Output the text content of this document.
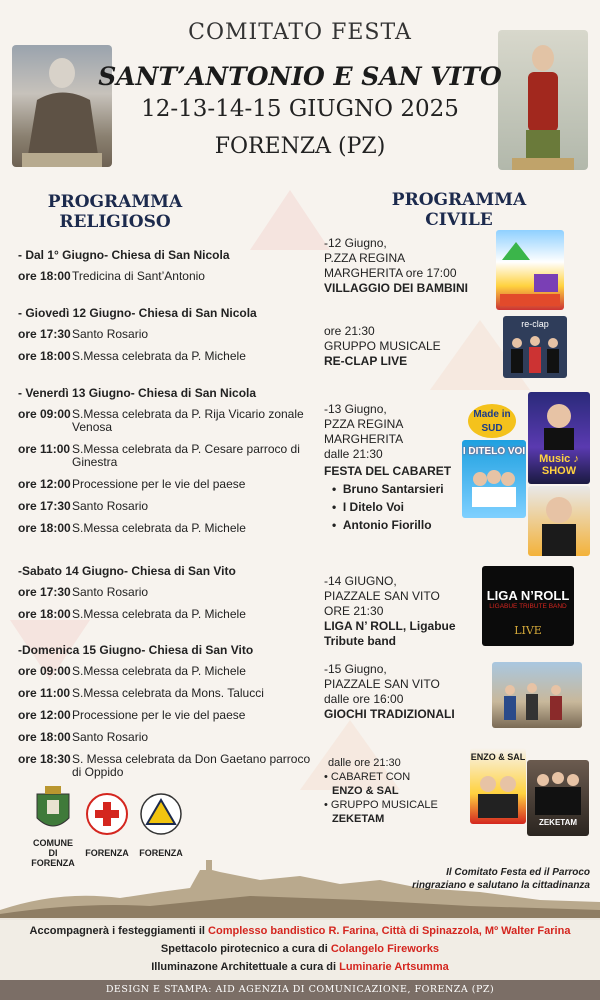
COMITATO FESTA
SANT’ANTONIO E SAN VITO
12-13-14-15 GIUGNO 2025
FORENZA (PZ)
PROGRAMMA
RELIGIOSO
- Dal 1° Giugno- Chiesa di San Nicola
ore 18:00 Tredicina di Sant’Antonio
- Giovedì 12 Giugno- Chiesa di San Nicola
ore 17:30 Santo Rosario
ore 18:00 S.Messa celebrata da P. Michele
- Venerdì 13 Giugno- Chiesa di San Nicola
ore 09:00 S.Messa celebrata da P. Rija Vicario zonale Venosa
ore 11:00 S.Messa celebrata da P. Cesare parroco di Ginestra
ore 12:00 Processione per le vie del paese
ore 17:30 Santo Rosario
ore 18:00 S.Messa celebrata da P. Michele
-Sabato 14 Giugno- Chiesa di San Vito
ore 17:30 Santo Rosario
ore 18:00 S.Messa celebrata da P. Michele
-Domenica 15 Giugno- Chiesa di San Vito
ore 09:00 S.Messa celebrata da P. Michele
ore 11:00 S.Messa celebrata da Mons. Talucci
ore 12:00 Processione per le vie del paese
ore 18:00 Santo Rosario
ore 18:30 S. Messa celebrata da Don Gaetano parroco di Oppido
COMUNE DI
FORENZA
FORENZA	FORENZA
PROGRAMMA
CIVILE
-12 Giugno,
P.ZZA REGINA
MARGHERITA ore 17:00
VILLAGGIO DEI BAMBINI
ore 21:30
GRUPPO MUSICALE
RE-CLAP LIVE
re-clap
-13 Giugno,
PZZA REGINA
MARGHERITA
dalle 21:30
FESTA DEL CABARET
•  Bruno Santarsieri
•  I Ditelo Voi
•  Antonio Fiorillo
Made in SUD
I DITELO VOI
Music ♪ SHOW
-14 GIUGNO,
PIAZZALE SAN VITO
ORE 21:30
LIGA N’ ROLL, Ligabue
Tribute band
LIGA N’ROLL
LIGABUE TRIBUTE BAND
LIVE
-15 Giugno,
PIAZZALE SAN VITO
dalle ore 16:00
GIOCHI TRADIZIONALI
dalle ore 21:30
• CABARET CON
ENZO & SAL
• GRUPPO MUSICALE
ZEKETAM
ENZO & SAL
ZEKETAM
Il Comitato Festa ed il Parroco
ringraziano e salutano la cittadinanza
Accompagnerà i festeggiamenti il Complesso bandistico R. Farina, Città di Spinazzola, Mº Walter Farina
Spettacolo pirotecnico a cura di Colangelo Fireworks
Illuminazone Architettuale a cura di Luminarie Artsumma
DESIGN E STAMPA: AID AGENZIA DI COMUNICAZIONE, FORENZA (PZ)
